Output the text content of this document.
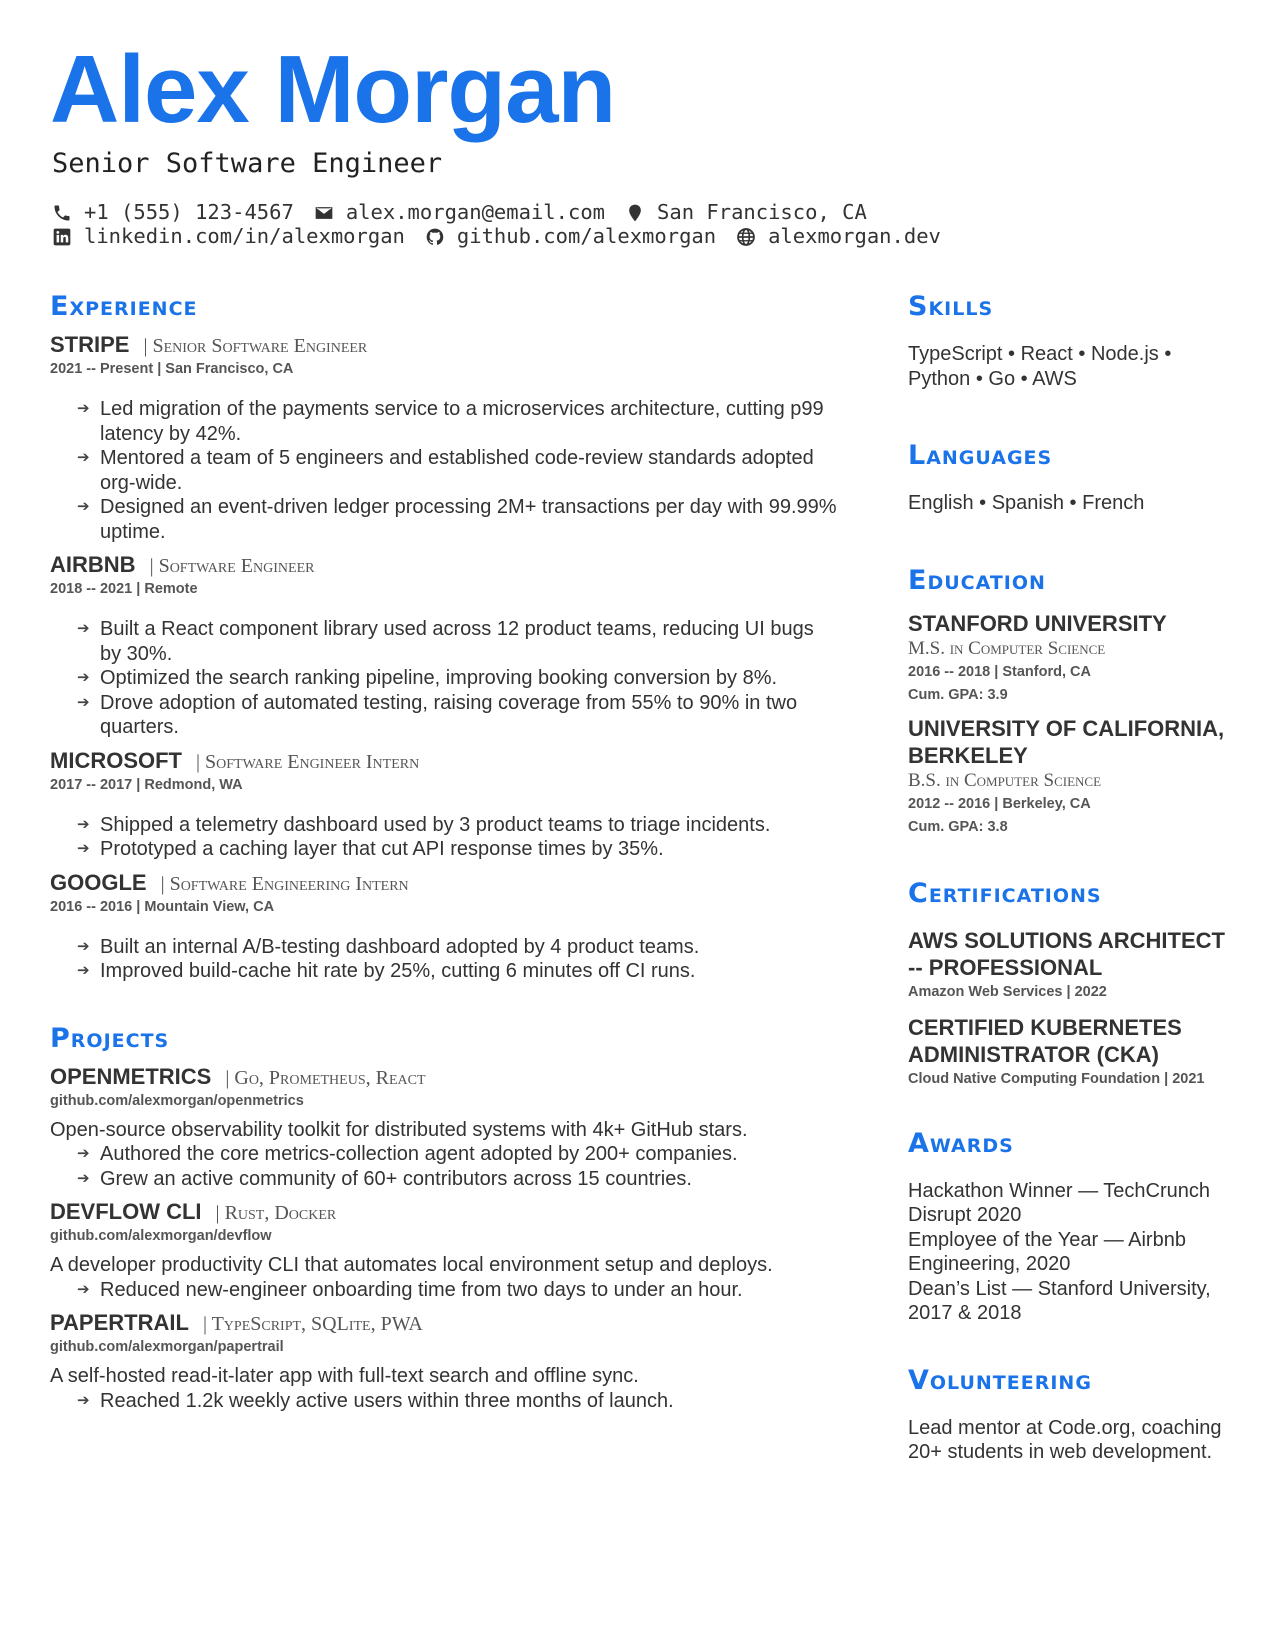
Alex Morgan
Senior Software Engineer
+1 (555) 123-4567	alex.morgan@email.com	San Francisco, CA
linkedin.com/in/alexmorgan	github.com/alexmorgan	alexmorgan.dev
Experience
STRIPE	| Senior Software Engineer
2021 -- Present | San Francisco, CA
➔ Led migration of the payments service to a microservices architecture, cutting p99 latency by 42%.
➔ Mentored a team of 5 engineers and established code-review standards adopted org-wide.
➔ Designed an event-driven ledger processing 2M+ transactions per day with 99.99% uptime.
AIRBNB	| Software Engineer
2018 -- 2021 | Remote
➔ Built a React component library used across 12 product teams, reducing UI bugs by 30%.
➔ Optimized the search ranking pipeline, improving booking conversion by 8%.
➔ Drove adoption of automated testing, raising coverage from 55% to 90% in two quarters.
MICROSOFT	| Software Engineer Intern
2017 -- 2017 | Redmond, WA
➔ Shipped a telemetry dashboard used by 3 product teams to triage incidents.
➔ Prototyped a caching layer that cut API response times by 35%.
GOOGLE	| Software Engineering Intern
2016 -- 2016 | Mountain View, CA
➔ Built an internal A/B-testing dashboard adopted by 4 product teams.
➔ Improved build-cache hit rate by 25%, cutting 6 minutes off CI runs.
Projects
OPENMETRICS	| Go, Prometheus, React
github.com/alexmorgan/openmetrics
Open-source observability toolkit for distributed systems with 4k+ GitHub stars.
➔ Authored the core metrics-collection agent adopted by 200+ companies.
➔ Grew an active community of 60+ contributors across 15 countries.
DEVFLOW CLI	| Rust, Docker
github.com/alexmorgan/devflow
A developer productivity CLI that automates local environment setup and deploys.
➔ Reduced new-engineer onboarding time from two days to under an hour.
PAPERTRAIL	| TypeScript, SQLite, PWA
github.com/alexmorgan/papertrail
A self-hosted read-it-later app with full-text search and offline sync.
➔ Reached 1.2k weekly active users within three months of launch.
Skills
TypeScript • React • Node.js • Python • Go • AWS
Languages
English • Spanish • French
Education
STANFORD UNIVERSITY
M.S. in Computer Science
2016 -- 2018 | Stanford, CA
Cum. GPA: 3.9
UNIVERSITY OF CALIFORNIA, BERKELEY
B.S. in Computer Science
2012 -- 2016 | Berkeley, CA
Cum. GPA: 3.8
Certifications
AWS SOLUTIONS ARCHITECT -- PROFESSIONAL
Amazon Web Services | 2022
CERTIFIED KUBERNETES ADMINISTRATOR (CKA)
Cloud Native Computing Foundation | 2021
Awards
Hackathon Winner — TechCrunch Disrupt 2020
Employee of the Year — Airbnb Engineering, 2020
Dean’s List — Stanford University, 2017 & 2018
Volunteering
Lead mentor at Code.org, coaching 20+ students in web development.
